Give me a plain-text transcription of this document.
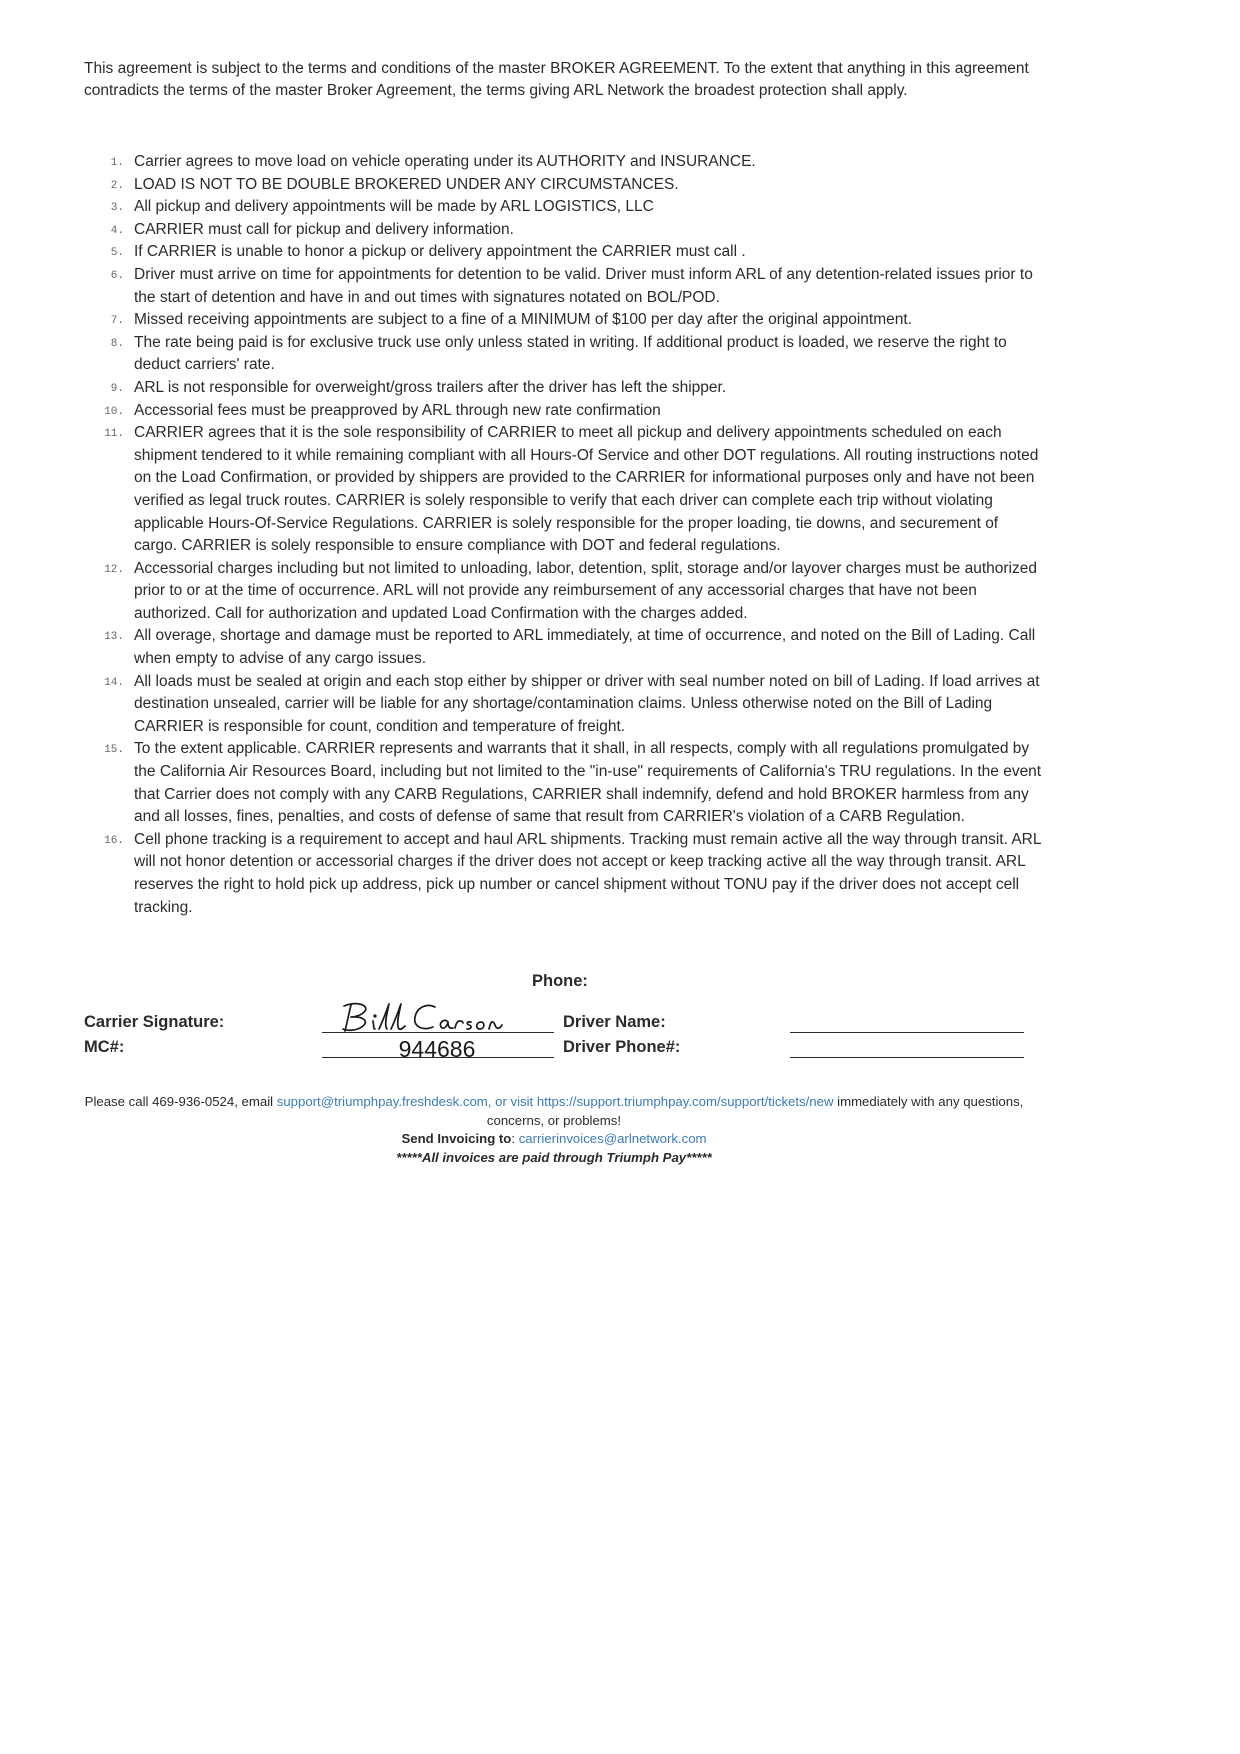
This agreement is subject to the terms and conditions of the master BROKER AGREEMENT. To the extent that anything in this agreement contradicts the terms of the master Broker Agreement, the terms giving ARL Network the broadest protection shall apply.

1. Carrier agrees to move load on vehicle operating under its AUTHORITY and INSURANCE.
2. LOAD IS NOT TO BE DOUBLE BROKERED UNDER ANY CIRCUMSTANCES.
3. All pickup and delivery appointments will be made by ARL LOGISTICS, LLC
4. CARRIER must call for pickup and delivery information.
5. If CARRIER is unable to honor a pickup or delivery appointment the CARRIER must call .
6. Driver must arrive on time for appointments for detention to be valid. Driver must inform ARL of any detention-related issues prior to the start of detention and have in and out times with signatures notated on BOL/POD.
7. Missed receiving appointments are subject to a fine of a MINIMUM of $100 per day after the original appointment.
8. The rate being paid is for exclusive truck use only unless stated in writing. If additional product is loaded, we reserve the right to deduct carriers' rate.
9. ARL is not responsible for overweight/gross trailers after the driver has left the shipper.
10. Accessorial fees must be preapproved by ARL through new rate confirmation
11. CARRIER agrees that it is the sole responsibility of CARRIER to meet all pickup and delivery appointments scheduled on each shipment tendered to it while remaining compliant with all Hours-Of Service and other DOT regulations. All routing instructions noted on the Load Confirmation, or provided by shippers are provided to the CARRIER for informational purposes only and have not been verified as legal truck routes. CARRIER is solely responsible to verify that each driver can complete each trip without violating applicable Hours-Of-Service Regulations. CARRIER is solely responsible for the proper loading, tie downs, and securement of cargo. CARRIER is solely responsible to ensure compliance with DOT and federal regulations.
12. Accessorial charges including but not limited to unloading, labor, detention, split, storage and/or layover charges must be authorized prior to or at the time of occurrence. ARL will not provide any reimbursement of any accessorial charges that have not been authorized. Call for authorization and updated Load Confirmation with the charges added.
13. All overage, shortage and damage must be reported to ARL immediately, at time of occurrence, and noted on the Bill of Lading. Call when empty to advise of any cargo issues.
14. All loads must be sealed at origin and each stop either by shipper or driver with seal number noted on bill of Lading. If load arrives at destination unsealed, carrier will be liable for any shortage/contamination claims. Unless otherwise noted on the Bill of Lading CARRIER is responsible for count, condition and temperature of freight.
15. To the extent applicable. CARRIER represents and warrants that it shall, in all respects, comply with all regulations promulgated by the California Air Resources Board, including but not limited to the "in-use" requirements of California's TRU regulations. In the event that Carrier does not comply with any CARB Regulations, CARRIER shall indemnify, defend and hold BROKER harmless from any and all losses, fines, penalties, and costs of defense of same that result from CARRIER's violation of a CARB Regulation.
16. Cell phone tracking is a requirement to accept and haul ARL shipments. Tracking must remain active all the way through transit. ARL will not honor detention or accessorial charges if the driver does not accept or keep tracking active all the way through transit. ARL reserves the right to hold pick up address, pick up number or cancel shipment without TONU pay if the driver does not accept cell tracking.

Phone:

Carrier Signature:
MC#:
Driver Name:
Driver Phone#:
944686

Please call 469-936-0524, email support@triumphpay.freshdesk.com, or visit https://support.triumphpay.com/support/tickets/new immediately with any questions, concerns, or problems!

Send Invoicing to: carrierinvoices@arlnetwork.com

*****All invoices are paid through Triumph Pay*****
